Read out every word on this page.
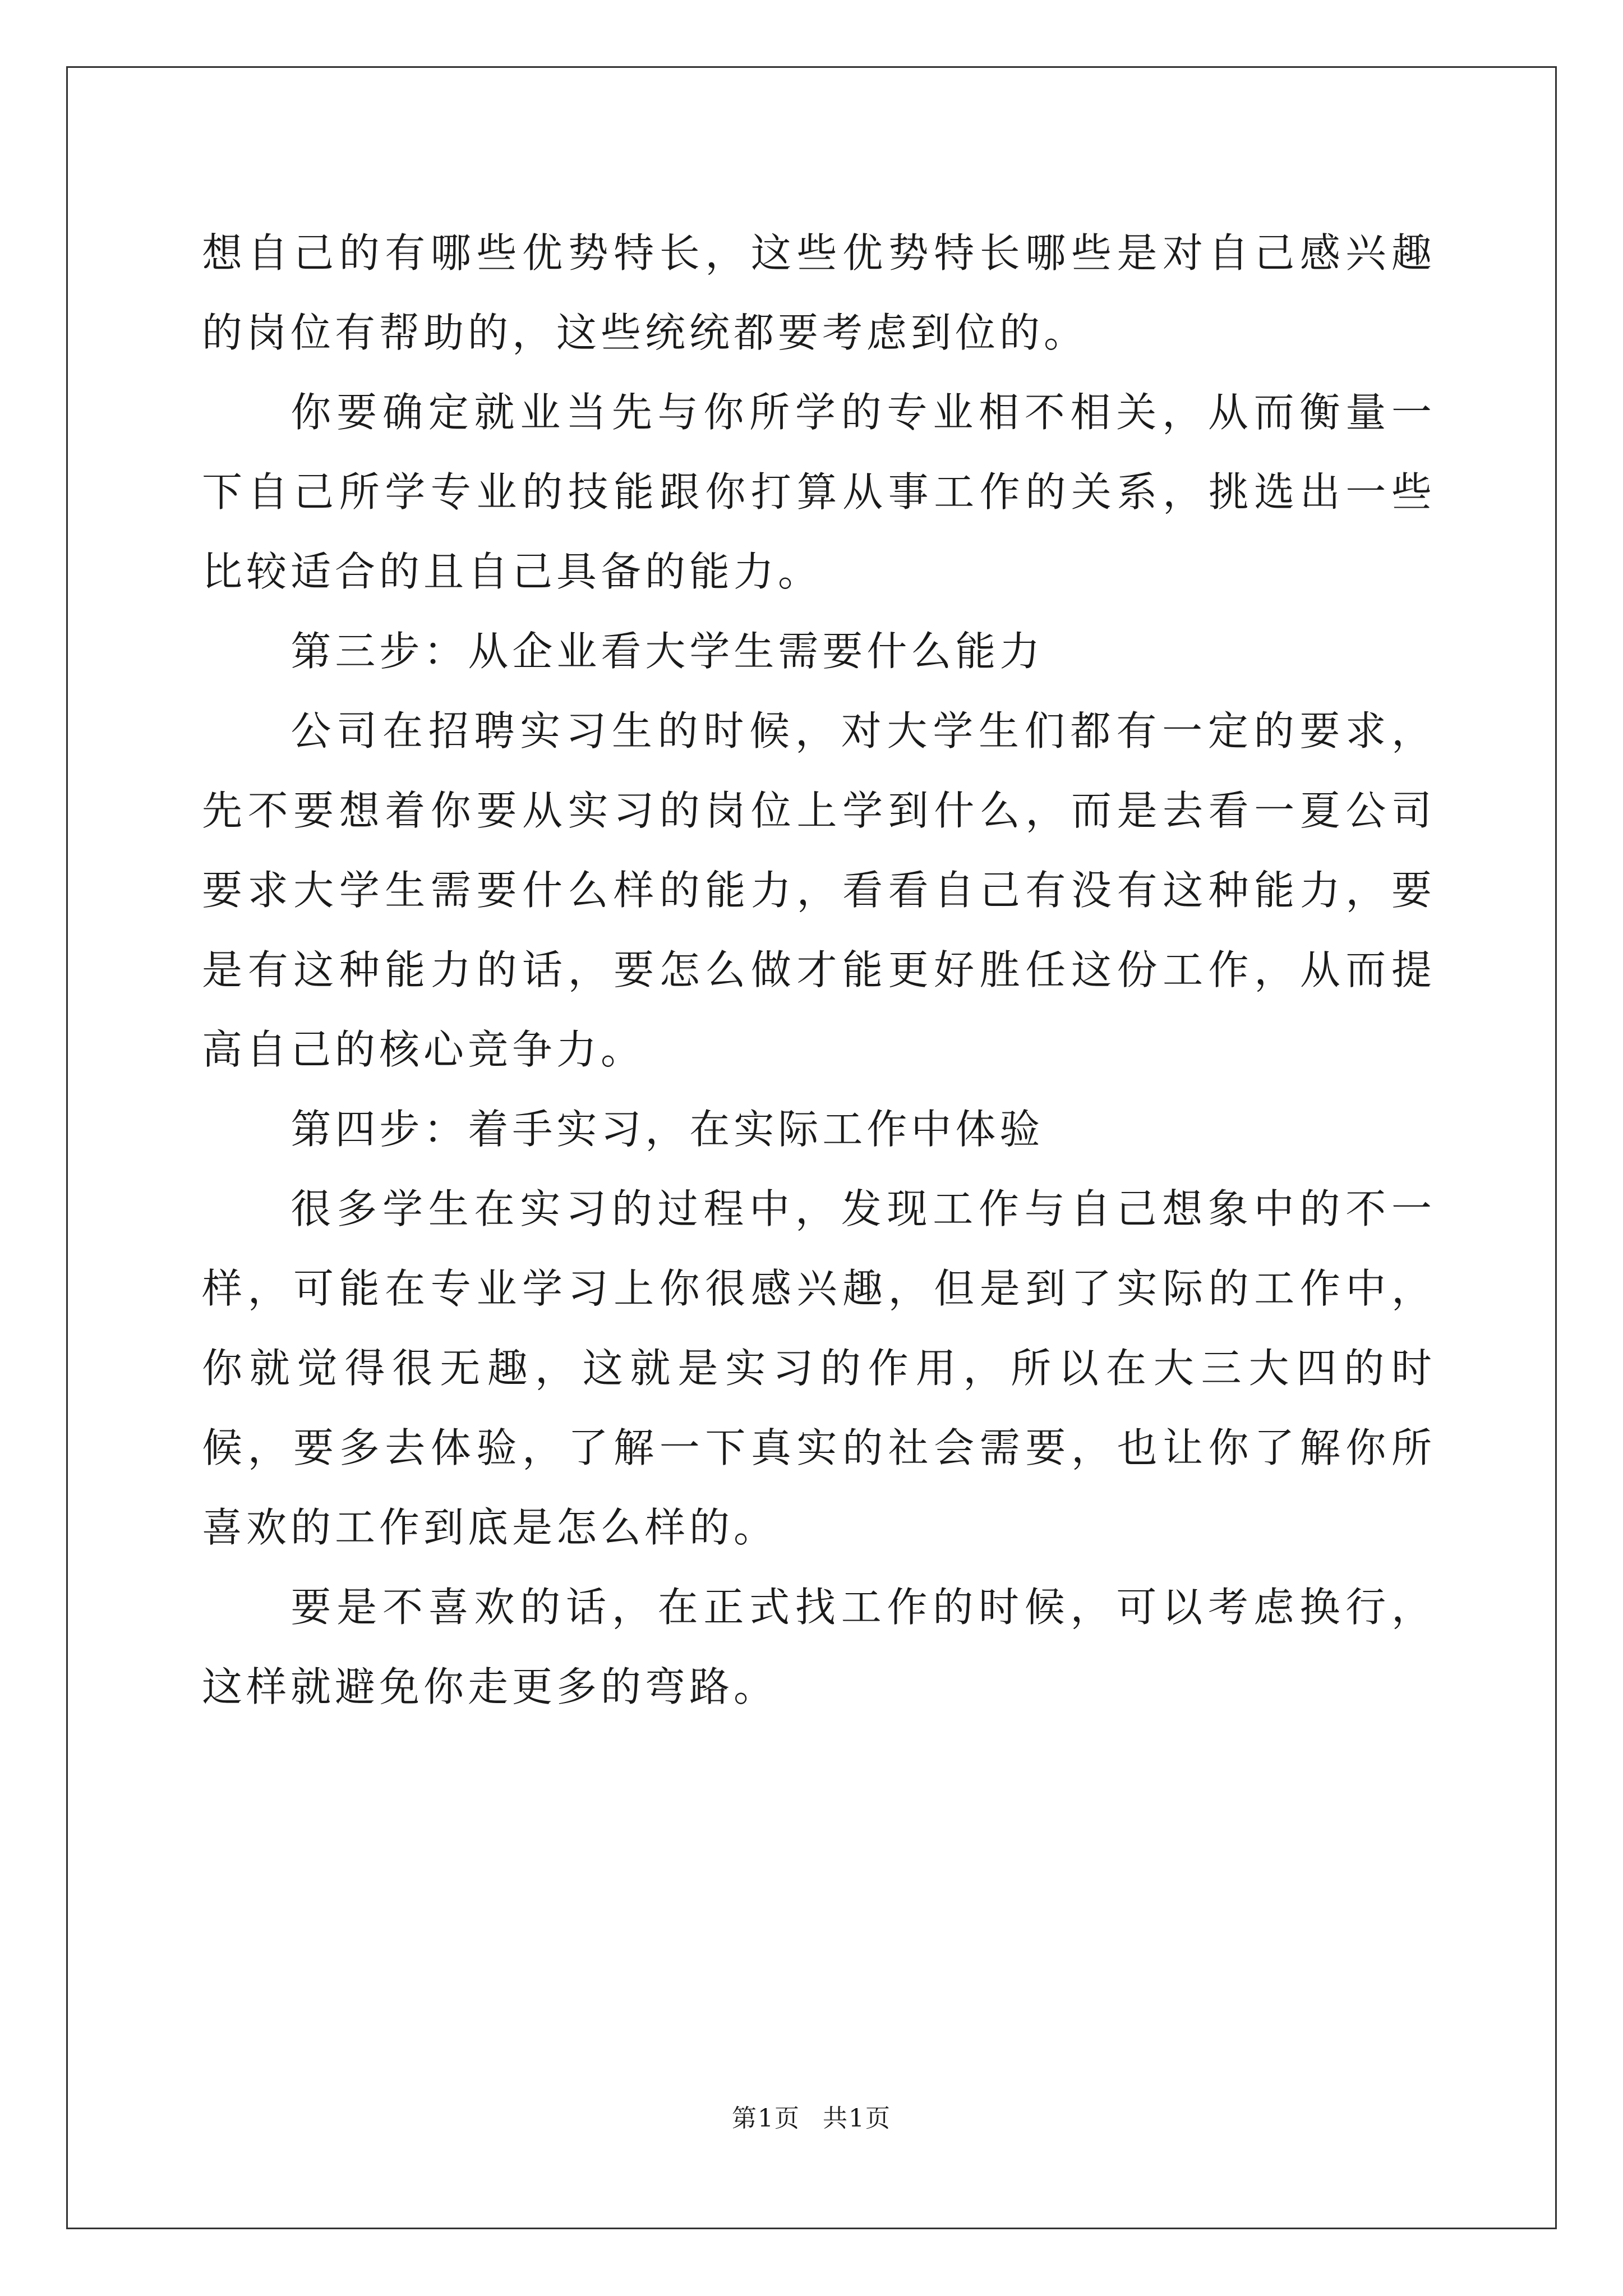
想自己的有哪些优势特长，这些优势特长哪些是对自己感兴趣的岗位有帮助的，这些统统都要考虑到位的。

你要确定就业当先与你所学的专业相不相关，从而衡量一下自己所学专业的技能跟你打算从事工作的关系，挑选出一些比较适合的且自己具备的能力。

第三步：从企业看大学生需要什么能力

公司在招聘实习生的时候，对大学生们都有一定的要求，先不要想着你要从实习的岗位上学到什么，而是去看一夏公司要求大学生需要什么样的能力，看看自己有没有这种能力，要是有这种能力的话，要怎么做才能更好胜任这份工作，从而提高自己的核心竞争力。

第四步：着手实习，在实际工作中体验

很多学生在实习的过程中，发现工作与自己想象中的不一样，可能在专业学习上你很感兴趣，但是到了实际的工作中，你就觉得很无趣，这就是实习的作用，所以在大三大四的时候，要多去体验，了解一下真实的社会需要，也让你了解你所喜欢的工作到底是怎么样的。

要是不喜欢的话，在正式找工作的时候，可以考虑换行，这样就避免你走更多的弯路。

第1页 共1页
